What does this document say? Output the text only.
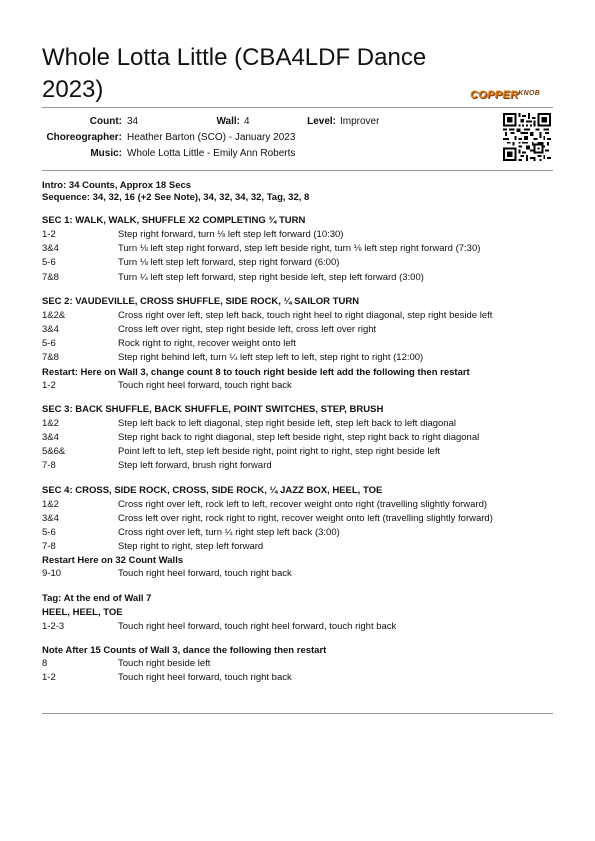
Whole Lotta Little (CBA4LDF Dance 2023)	$COPPER^{KNOB}$
Count: 34	Wall: 4	Level: Improver
Choreographer: Heather Barton (SCO) - January 2023
Music: Whole Lotta Little - Emily Ann Roberts
Intro: 34 Counts, Approx 18 Secs
Sequence: 34, 32, 16 (+2 See Note), 34, 32, 34, 32, Tag, 32, 8
SEC 1: WALK, WALK, SHUFFLE X2 COMPLETING ¾ TURN
1-2	Step right forward, turn ⅛ left step left forward (10:30)
3&4	Turn ⅛ left step right forward, step left beside right, turn ⅛ left step right forward (7:30)
5-6	Turn ⅛ left step left forward, step right forward (6:00)
7&8	Turn ¼ left step left forward, step right beside left, step left forward (3:00)
SEC 2: VAUDEVILLE, CROSS SHUFFLE, SIDE ROCK, ¼ SAILOR TURN
1&2&	Cross right over left, step left back, touch right heel to right diagonal, step right beside left
3&4	Cross left over right, step right beside left, cross left over right
5-6	Rock right to right, recover weight onto left
7&8	Step right behind left, turn ¼ left step left to left, step right to right (12:00)
Restart: Here on Wall 3, change count 8 to touch right beside left add the following then restart
1-2	Touch right heel forward, touch right back
SEC 3: BACK SHUFFLE, BACK SHUFFLE, POINT SWITCHES, STEP, BRUSH
1&2	Step left back to left diagonal, step right beside left, step left back to left diagonal
3&4	Step right back to right diagonal, step left beside right, step right back to right diagonal
5&6&	Point left to left, step left beside right, point right to right, step right beside left
7-8	Step left forward, brush right forward
SEC 4: CROSS, SIDE ROCK, CROSS, SIDE ROCK, ¼ JAZZ BOX, HEEL, TOE
1&2	Cross right over left, rock left to left, recover weight onto right (travelling slightly forward)
3&4	Cross left over right, rock right to right, recover weight onto left (travelling slightly forward)
5-6	Cross right over left, turn ¼ right step left back (3:00)
7-8	Step right to right, step left forward
Restart Here on 32 Count Walls
9-10	Touch right heel forward, touch right back
Tag: At the end of Wall 7
HEEL, HEEL, TOE
1-2-3	Touch right heel forward, touch right heel forward, touch right back
Note After 15 Counts of Wall 3, dance the following then restart
8	Touch right beside left
1-2	Touch right heel forward, touch right back
